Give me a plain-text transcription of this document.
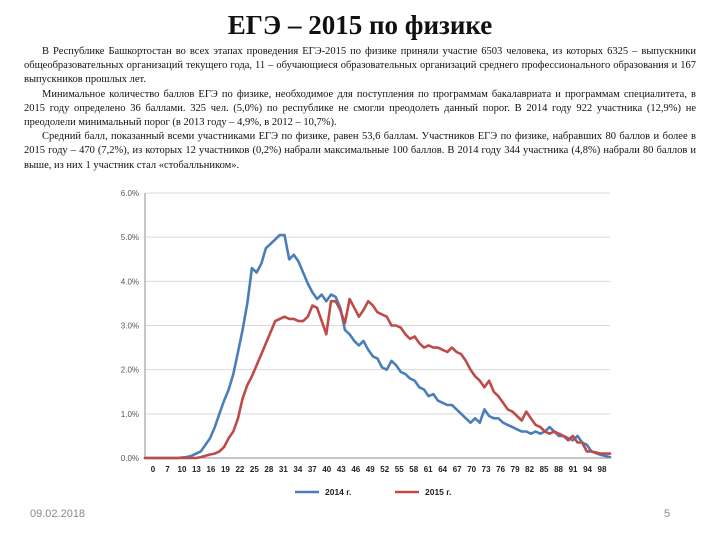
ЕГЭ – 2015 по физике

В Республике Башкортостан во всех этапах проведения ЕГЭ-2015 по физике приняли участие 6503 человека, из которых 6325 – выпускники общеобразовательных организаций текущего года, 11 – обучающиеся образовательных организаций среднего профессионального образования и 167 выпускников прошлых лет.

Минимальное количество баллов ЕГЭ по физике, необходимое для поступления по программам бакалавриата и программам специалитета, в 2015 году определено 36 баллами. 325 чел. (5,0%) по республике не смогли преодолеть данный порог. В 2014 году 922 участника (12,9%) не преодолели минимальный порог (в 2013 году – 4,9%, в 2012 – 10,7%).

Средний балл, показанный всеми участниками ЕГЭ по физике, равен 53,6 баллам. Участников ЕГЭ по физике, набравших 80 баллов и более в 2015 году – 470 (7,2%), из которых 12 участников (0,2%) набрали максимальные 100 баллов. В 2014 году 344 участника (4,8%) набрали 80 баллов и выше, из них 1 участник стал «стобалльником».

0.0%
1.0%
2.0%
3.0%
4.0%
5.0%
6.0%
0 7 10 13 16 19 22 25 28 31 34 37 40 43 46 49 52 55 58 61 64 67 70 73 76 79 82 85 88 91 94 98
2014 г.	2015 г.
09.02.2018	5
